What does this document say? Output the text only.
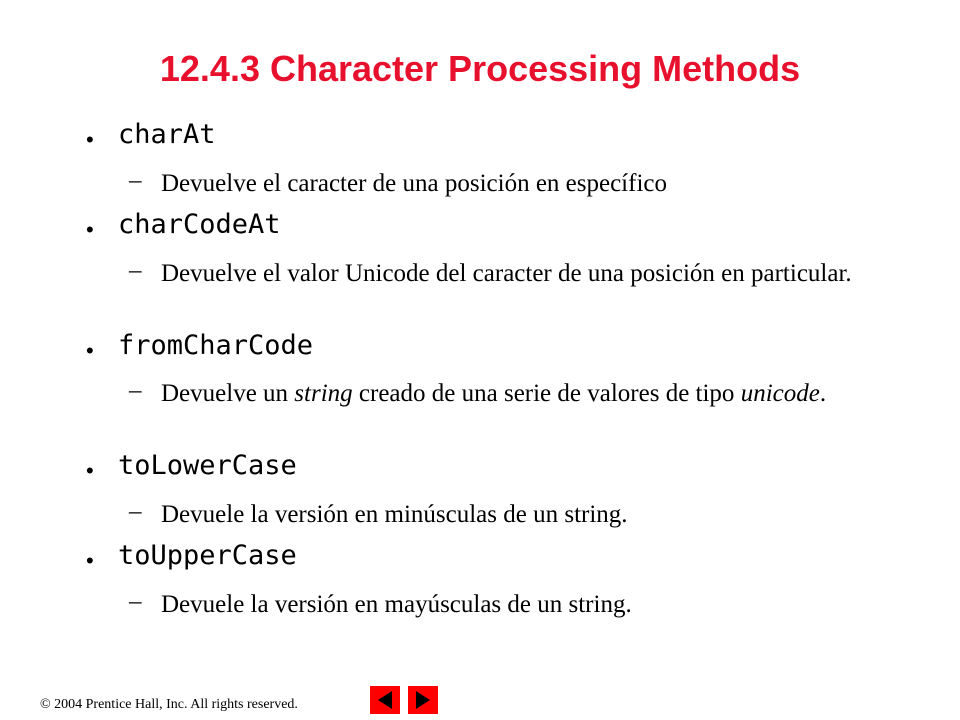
12.4.3 Character Processing Methods
• charAt
– Devuelve el caracter de una posición en específico
• charCodeAt
– Devuelve el valor Unicode del caracter de una posición en particular.
• fromCharCode
– Devuelve un string creado de una serie de valores de tipo unicode.
• toLowerCase
– Devuele la versión en minúsculas de un string.
• toUpperCase
– Devuele la versión en mayúsculas de un string.
© 2004 Prentice Hall, Inc. All rights reserved.
